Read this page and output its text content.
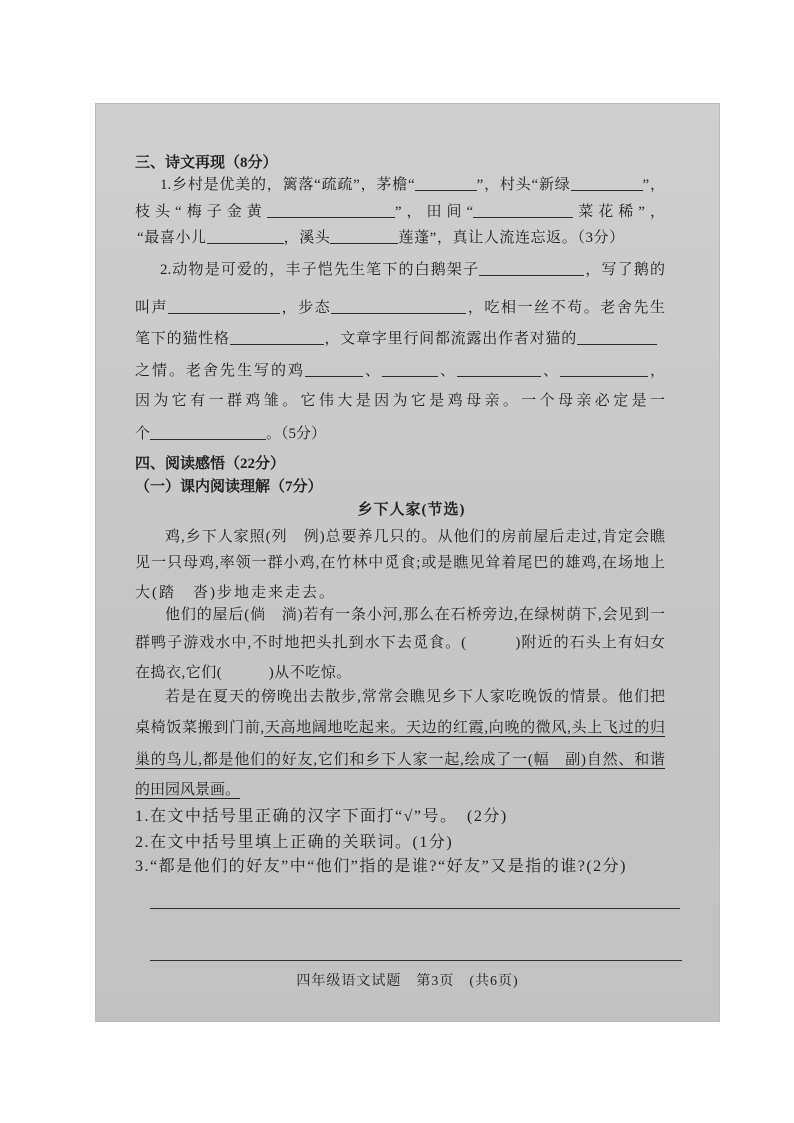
三、诗文再现（8分）
1.乡村是优美的，篱落“疏疏”，茅檐“	”，村头“新绿	”，
枝头“梅子金黄	”，田间“	菜花稀”，
“最喜小儿	，溪头	莲蓬”，真让人流连忘返。（3分）
2.动物是可爱的，丰子恺先生笔下的白鹅架子	，写了鹅的
叫声	，步态	，吃相一丝不苟。老舍先生
笔下的猫性格	，文章字里行间都流露出作者对猫的
之情。老舍先生写的鸡	、	、	、	，
因为它有一群鸡雏。它伟大是因为它是鸡母亲。一个母亲必定是一
个	。（5分）
四、阅读感悟（22分）
（一）课内阅读理解（7分）
乡下人家(节选)
鸡,乡下人家照(列　例)总要养几只的。从他们的房前屋后走过,肯定会瞧
见一只母鸡,率领一群小鸡,在竹林中觅食;或是瞧见耸着尾巴的雄鸡,在场地上
大(踏　沓)步地走来走去。
他们的屋后(倘　淌)若有一条小河,那么在石桥旁边,在绿树荫下,会见到一
群鸭子游戏水中,不时地把头扎到水下去觅食。(　　　)附近的石头上有妇女
在捣衣,它们(　　　)从不吃惊。
若是在夏天的傍晚出去散步,常常会瞧见乡下人家吃晚饭的情景。他们把
桌椅饭菜搬到门前,天高地阔地吃起来。天边的红霞,向晚的微风,头上飞过的归
巢的鸟儿,都是他们的好友,它们和乡下人家一起,绘成了一(幅　副)自然、和谐
的田园风景画。
1.在文中括号里正确的汉字下面打“√”号。　(2分)
2.在文中括号里填上正确的关联词。(1分)
3.“都是他们的好友”中“他们”指的是谁?“好友”又是指的谁?(2分)
四年级语文试题　第3页　(共6页)
